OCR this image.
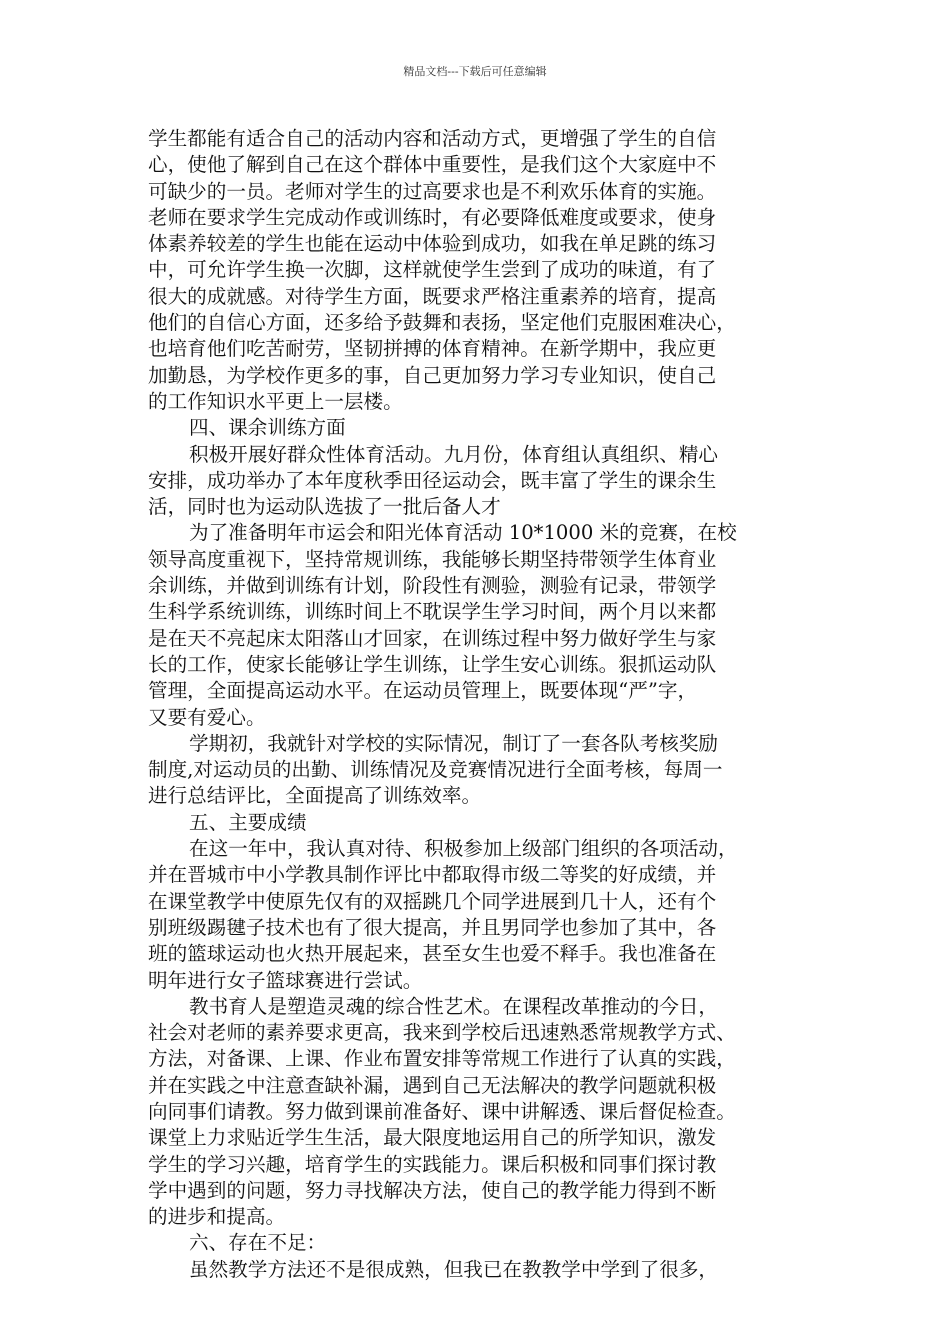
精品文档---下载后可任意编辑
学生都能有适合自己的活动内容和活动方式，更增强了学生的自信
心，使他了解到自己在这个群体中重要性，是我们这个大家庭中不
可缺少的一员。老师对学生的过高要求也是不利欢乐体育的实施。
老师在要求学生完成动作或训练时，有必要降低难度或要求，使身
体素养较差的学生也能在运动中体验到成功，如我在单足跳的练习
中，可允许学生换一次脚，这样就使学生尝到了成功的味道，有了
很大的成就感。对待学生方面，既要求严格注重素养的培育，提高
他们的自信心方面，还多给予鼓舞和表扬，坚定他们克服困难决心，
也培育他们吃苦耐劳，坚韧拼搏的体育精神。在新学期中，我应更
加勤恳，为学校作更多的事，自己更加努力学习专业知识，使自己
的工作知识水平更上一层楼。
四、课余训练方面
积极开展好群众性体育活动。九月份，体育组认真组织、精心
安排，成功举办了本年度秋季田径运动会，既丰富了学生的课余生
活，同时也为运动队选拔了一批后备人才
为了准备明年市运会和阳光体育活动 10*1000 米的竞赛，在校
领导高度重视下，坚持常规训练，我能够长期坚持带领学生体育业
余训练，并做到训练有计划，阶段性有测验，测验有记录，带领学
生科学系统训练，训练时间上不耽误学生学习时间，两个月以来都
是在天不亮起床太阳落山才回家，在训练过程中努力做好学生与家
长的工作，使家长能够让学生训练，让学生安心训练。狠抓运动队
管理，全面提高运动水平。在运动员管理上，既要体现“严”字，
又要有爱心。
学期初，我就针对学校的实际情况，制订了一套各队考核奖励
制度,对运动员的出勤、训练情况及竞赛情况进行全面考核，每周一
进行总结评比，全面提高了训练效率。
五、主要成绩
在这一年中，我认真对待、积极参加上级部门组织的各项活动，
并在晋城市中小学教具制作评比中都取得市级二等奖的好成绩，并
在课堂教学中使原先仅有的双摇跳几个同学进展到几十人，还有个
别班级踢毽子技术也有了很大提高，并且男同学也参加了其中，各
班的篮球运动也火热开展起来，甚至女生也爱不释手。我也准备在
明年进行女子篮球赛进行尝试。
教书育人是塑造灵魂的综合性艺术。在课程改革推动的今日，
社会对老师的素养要求更高，我来到学校后迅速熟悉常规教学方式、
方法，对备课、上课、作业布置安排等常规工作进行了认真的实践，
并在实践之中注意查缺补漏，遇到自己无法解决的教学问题就积极
向同事们请教。努力做到课前准备好、课中讲解透、课后督促检查。
课堂上力求贴近学生生活，最大限度地运用自己的所学知识，激发
学生的学习兴趣，培育学生的实践能力。课后积极和同事们探讨教
学中遇到的问题，努力寻找解决方法，使自己的教学能力得到不断
的进步和提高。
六、存在不足：
虽然教学方法还不是很成熟，但我已在教教学中学到了很多，
